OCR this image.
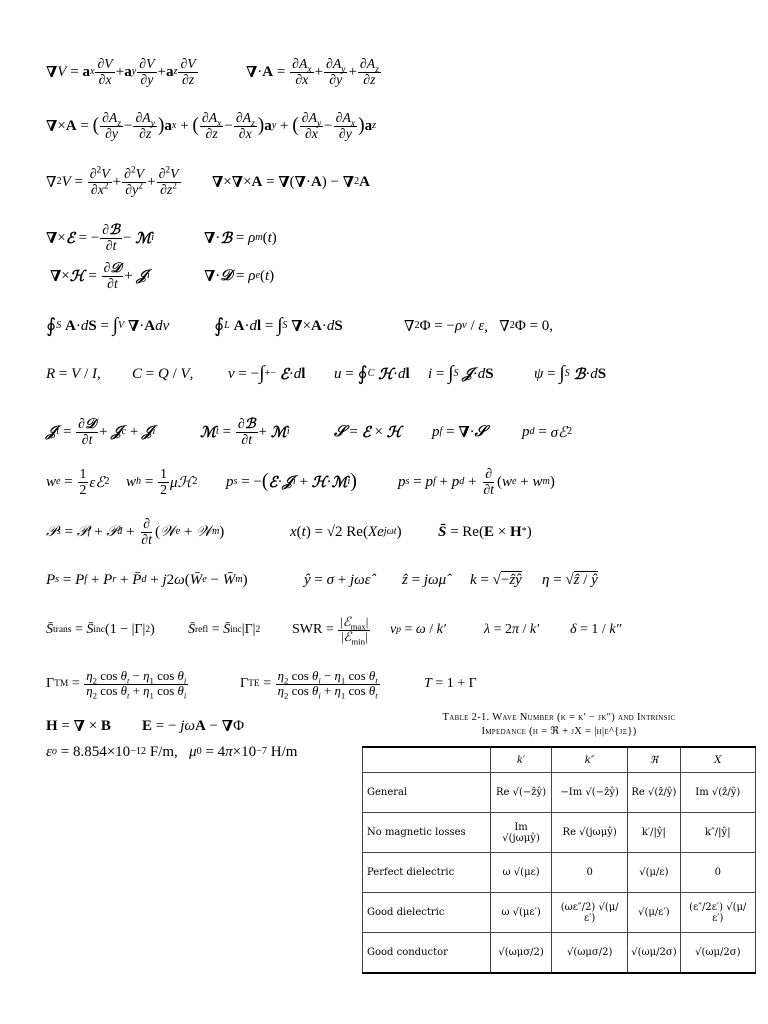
∇ V = a x $\frac{\partial V}{\partial x} + a$ y $\frac{\partial V}{\partial y} + a$ z $\frac{\partial V}{\partial z}$	∇ · $A = \frac{\partial A_x}{\partial x} + \frac{\partial A_y}{\partial y} + \frac{\partial A_z}{\partial z}$
∇ × A = ( $\frac{\partial A_z}{\partial y} - \frac{\partial A_y}{\partial z}$ ) a x + ( $\frac{\partial A_x}{\partial z} - \frac{\partial A_z}{\partial x}$ ) a y + ( $\frac{\partial A_y}{\partial x} - \frac{\partial A_x}{\partial y}$ ) a z
∇ 2 $V = \frac{\partial^2V}{\partial x^2} + \frac{\partial^2V}{\partial y^2} + \frac{\partial^2V}{\partial z^2}$ ∇ × ∇ × A = ∇ ( ∇ · A ) − ∇ 2 A
∇ × ℰ = − $\frac{\text{∂ℬ}}{\partial t}$ − ℳ i	∇ · ℬ = ρ m ( t )
∇ × ℋ = $\frac{\text{∂𝒟}}{\partial t}$ + 𝒥 i	∇ · 𝒟 = ρ e ( t )
∮ S
A · d S = ∫ V
∇ · A dv ∮ L
A · d l = ∫ S
∇ × A · d S	∇ 2 Φ = − ρ v / ε ,   ∇ 2 Φ = 0,
R = V / I , C = Q / V , v = − ∫ + −
ℰ · d l u = ∮ C
ℋ · d l i = ∫ S
𝒥 · d S	ψ = ∫ S
ℬ · d S
𝒥 $t = \frac{\text{∂𝒟}}{\partial t}$ + 𝒥 c + 𝒥 i	ℳ $t = \frac{\text{∂ℬ}}{\partial t}$ + ℳ i	𝒮 = ℰ × ℋ p f = ∇ · 𝒮 p d = σℰ 2
w $e = \frac{1}{2}$ εℰ 2 w $h = \frac{1}{2}$ μℋ 2 p s = − ( ℰ · 𝒥 i + ℋ · ℳ i )	p s = p f + p $d + \frac{\partial}{\partial t}$ ( w e + w m )
𝒫 s = 𝒫 f + 𝒫 $d + \frac{\partial}{\partial t}$ ( 𝒲 e + 𝒲 m )	x ( t ) = √2 Re( Xe jωt ) S̄ = Re( E × H * )
P s = P f + P r + P̄ d + j 2 ω ( W̄ e − W̄ m )	ŷ = σ + jωε̂ ẑ = jωμ̂ k = √ −ẑŷ η = √ ẑ / ŷ
S̄ trans = S̄ inc (1 − |Γ| 2 ) S̄ refl = S̄ inc |Γ| 2 SWR = $\frac{|ℰ_{max}|}{|ℰ_{min}|}$ v p = ω / k′	λ = 2 π / k′ δ = 1 / k″
Γ TM = $\frac{\eta_2 \cos \theta_t - \eta_1 \cos \theta_i}{\eta_2 \cos \theta_t + \eta_1 \cos \theta_i}$	Γ TE = $\frac{\eta_2 \cos \theta_i - \eta_1 \cos \theta_t}{\eta_2 \cos \theta_i + \eta_1 \cos \theta_t}$	T = 1 + Γ
H = ∇ × B E = − jω A − ∇ Φ
ε o = 8.854×10 −12 F/m, μ 0 = 4 π ×10 −7 H/m
Table 2-1. Wave Number (k = k′ − jk″) and Intrinsic
Impedance (η = ℜ + jX = |η|e^{jξ})
	k′	k″	ℜ	X
General	Re √(−ẑŷ)	−Im √(−ẑŷ)	Re √(ẑ/ŷ)	Im √(ẑ/ŷ)
No magnetic losses	Im √(jωμŷ)	Re √(jωμŷ)	k′/|ŷ|	k″/|ŷ|
Perfect dielectric	ω √(με)	0	√(μ/ε)	0
Good dielectric	ω √(με′)	(ωε″/2) √(μ/ε′)	√(μ/ε′)	(ε″/2ε′) √(μ/ε′)
Good conductor	√(ωμσ/2)	√(ωμσ/2)	√(ωμ/2σ)	√(ωμ/2σ)
